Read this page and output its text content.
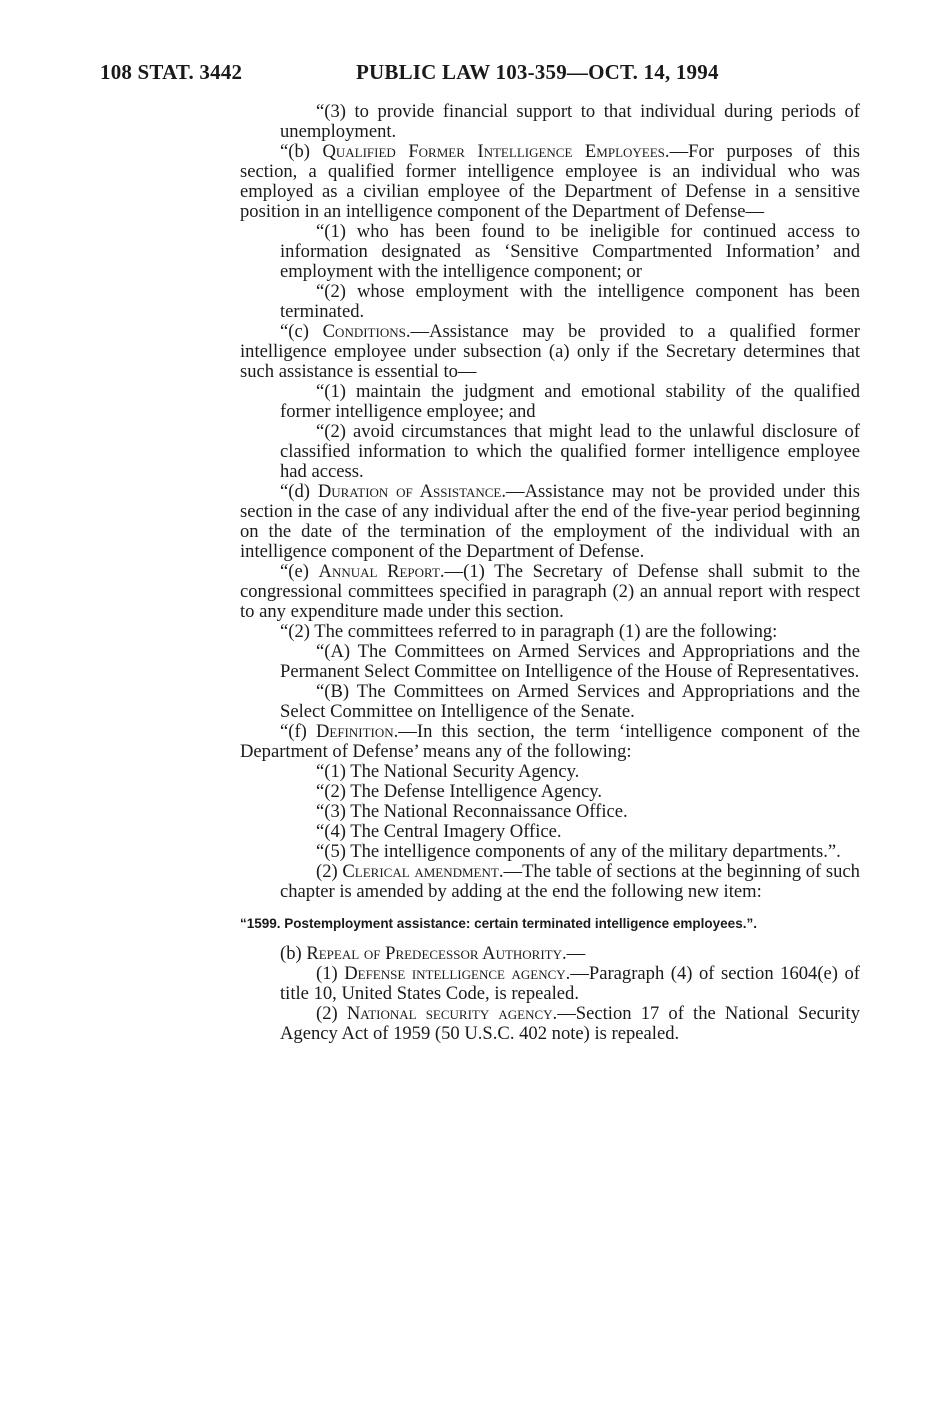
108 STAT. 3442	PUBLIC LAW 103-359—OCT. 14, 1994

“(3) to provide financial support to that individual during periods of unemployment.

“(b) Qualified Former Intelligence Employees.—For purposes of this section, a qualified former intelligence employee is an individual who was employed as a civilian employee of the Department of Defense in a sensitive position in an intelligence component of the Department of Defense—

“(1) who has been found to be ineligible for continued access to information designated as ‘Sensitive Compartmented Information’ and employment with the intelligence component; or

“(2) whose employment with the intelligence component has been terminated.

“(c) Conditions.—Assistance may be provided to a qualified former intelligence employee under subsection (a) only if the Secretary determines that such assistance is essential to—

“(1) maintain the judgment and emotional stability of the qualified former intelligence employee; and

“(2) avoid circumstances that might lead to the unlawful disclosure of classified information to which the qualified former intelligence employee had access.

“(d) Duration of Assistance.—Assistance may not be provided under this section in the case of any individual after the end of the five-year period beginning on the date of the termination of the employment of the individual with an intelligence component of the Department of Defense.

“(e) Annual Report.—(1) The Secretary of Defense shall submit to the congressional committees specified in paragraph (2) an annual report with respect to any expenditure made under this section.

“(2) The committees referred to in paragraph (1) are the following:

“(A) The Committees on Armed Services and Appropriations and the Permanent Select Committee on Intelligence of the House of Representatives.

“(B) The Committees on Armed Services and Appropriations and the Select Committee on Intelligence of the Senate.

“(f) Definition.—In this section, the term ‘intelligence component of the Department of Defense’ means any of the following:

“(1) The National Security Agency.

“(2) The Defense Intelligence Agency.

“(3) The National Reconnaissance Office.

“(4) The Central Imagery Office.

“(5) The intelligence components of any of the military departments.”.

(2) Clerical amendment.—The table of sections at the beginning of such chapter is amended by adding at the end the following new item:

“1599. Postemployment assistance: certain terminated intelligence employees.”.

(b) Repeal of Predecessor Authority.—

(1) Defense intelligence agency.—Paragraph (4) of section 1604(e) of title 10, United States Code, is repealed.

(2) National security agency.—Section 17 of the National Security Agency Act of 1959 (50 U.S.C. 402 note) is repealed.
